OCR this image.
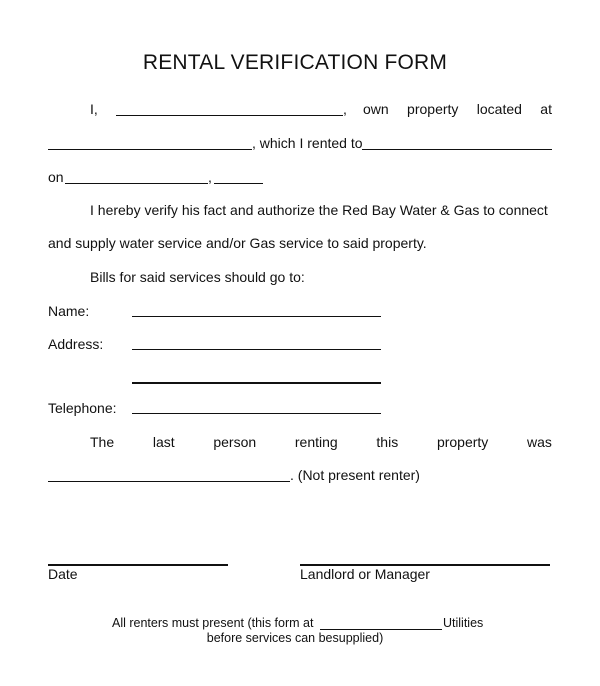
RENTAL VERIFICATION FORM
I,	, own property located at
, which I rented to
on	,
I hereby verify his fact and authorize the Red Bay Water & Gas to connect
and supply water service and/or Gas service to said property.
Bills for said services should go to:
Name:
Address:
Telephone:
The	last	person	renting	this	property	was
. (Not present renter)
Date	Landlord or Manager
All renters must present (this form at	Utilities
before services can besupplied)
